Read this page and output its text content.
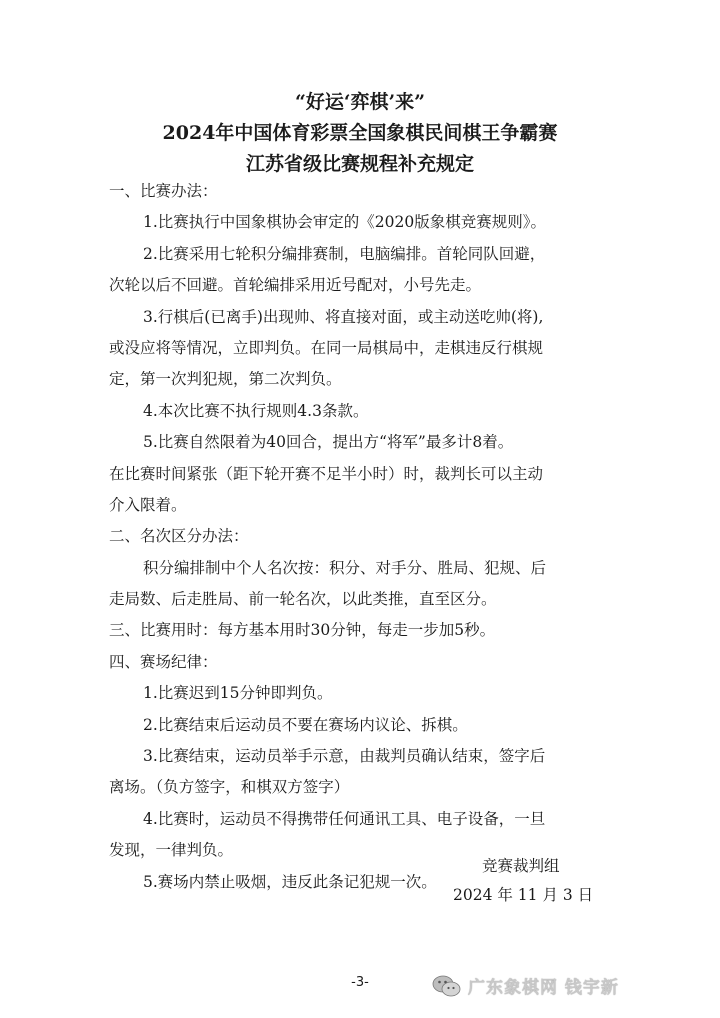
“好运‘弈棋’来”
2024年中国体育彩票全国象棋民间棋王争霸赛
江苏省级比赛规程补充规定
一、比赛办法：
1.比赛执行中国象棋协会审定的《2020版象棋竞赛规则》。
2.比赛采用七轮积分编排赛制，电脑编排。首轮同队回避，
次轮以后不回避。首轮编排采用近号配对，小号先走。
3.行棋后(已离手)出现帅、将直接对面，或主动送吃帅(将),
或没应将等情况，立即判负。在同一局棋局中，走棋违反行棋规
定，第一次判犯规，第二次判负。
4.本次比赛不执行规则4.3条款。
5.比赛自然限着为40回合，提出方“将军”最多计8着。
在比赛时间紧张（距下轮开赛不足半小时）时，裁判长可以主动
介入限着。
二、名次区分办法：
积分编排制中个人名次按：积分、对手分、胜局、犯规、后
走局数、后走胜局、前一轮名次，以此类推，直至区分。
三、比赛用时：每方基本用时30分钟，每走一步加5秒。
四、赛场纪律：
1.比赛迟到15分钟即判负。
2.比赛结束后运动员不要在赛场内议论、拆棋。
3.比赛结束，运动员举手示意，由裁判员确认结束，签字后
离场。（负方签字，和棋双方签字）
4.比赛时，运动员不得携带任何通讯工具、电子设备，一旦
发现，一律判负。
5.赛场内禁止吸烟，违反此条记犯规一次。
竞赛裁判组
2024 年 11 月 3 日
-3-	广东象棋网 钱宇新
